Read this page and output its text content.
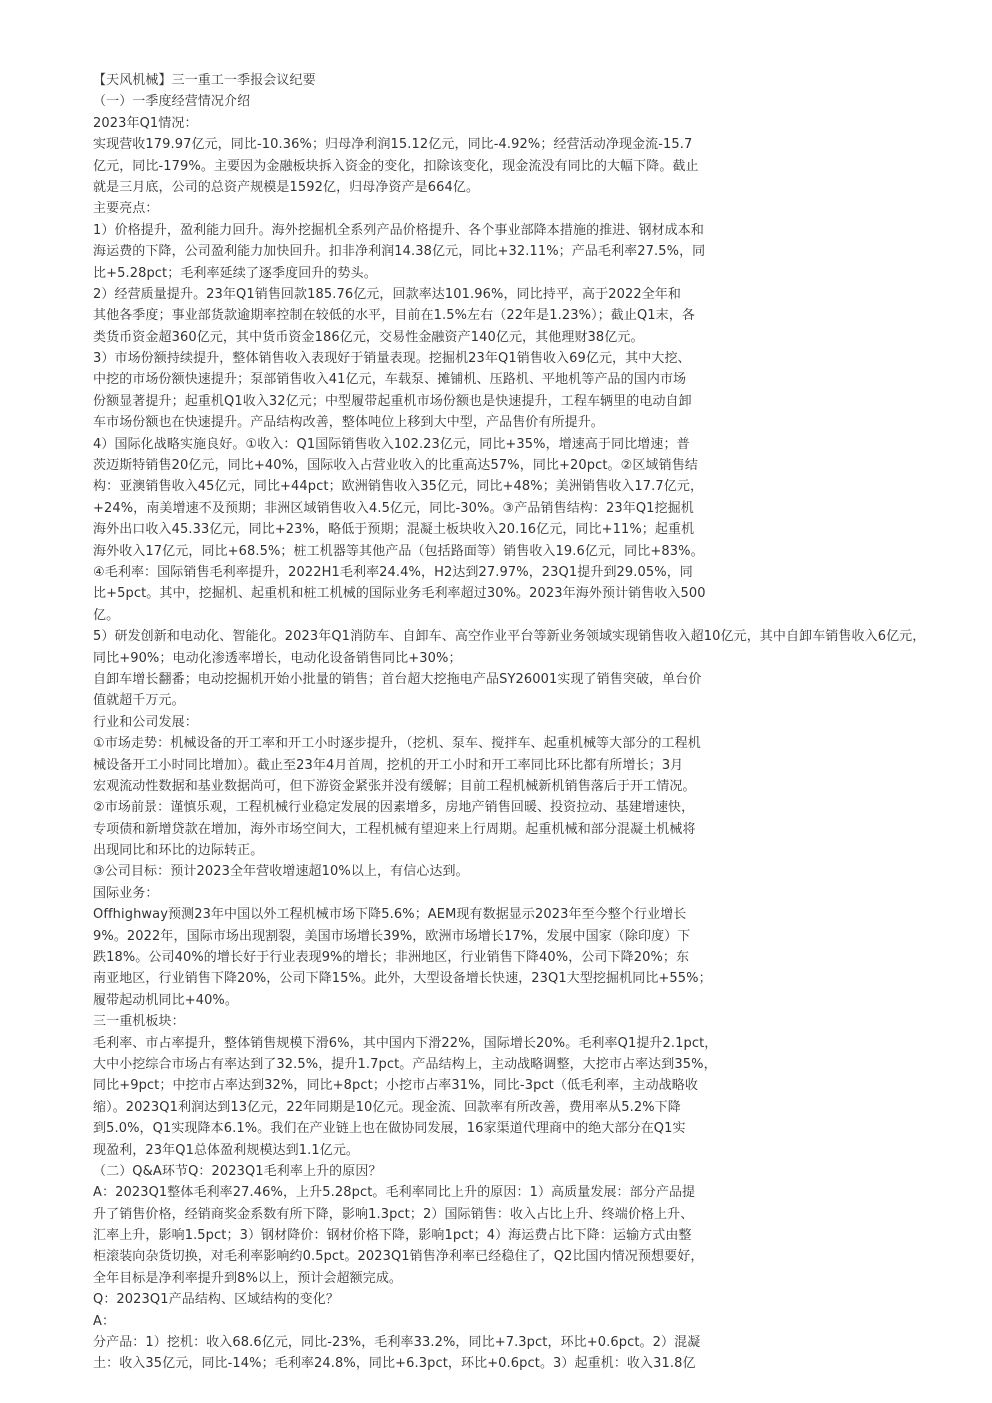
【天风机械】三一重工一季报会议纪要
（一）一季度经营情况介绍
2023年Q1情况：
实现营收179.97亿元，同比-10.36%；归母净利润15.12亿元，同比-4.92%；经营活动净现金流-15.7
亿元，同比-179%。主要因为金融板块拆入资金的变化，扣除该变化，现金流没有同比的大幅下降。截止
就是三月底，公司的总资产规模是1592亿，归母净资产是664亿。
主要亮点：
1）价格提升，盈利能力回升。海外挖掘机全系列产品价格提升、各个事业部降本措施的推进、钢材成本和
海运费的下降，公司盈利能力加快回升。扣非净利润14.38亿元，同比+32.11%；产品毛利率27.5%，同
比+5.28pct；毛利率延续了逐季度回升的势头。
2）经营质量提升。23年Q1销售回款185.76亿元，回款率达101.96%，同比持平，高于2022全年和
其他各季度；事业部货款逾期率控制在较低的水平，目前在1.5%左右（22年是1.23%）；截止Q1末，各
类货币资金超360亿元，其中货币资金186亿元，交易性金融资产140亿元，其他理财38亿元。
3）市场份额持续提升，整体销售收入表现好于销量表现。挖掘机23年Q1销售收入69亿元，其中大挖、
中挖的市场份额快速提升；泵部销售收入41亿元，车载泵、摊铺机、压路机、平地机等产品的国内市场
份额显著提升；起重机Q1收入32亿元；中型履带起重机市场份额也是快速提升，工程车辆里的电动自卸
车市场份额也在快速提升。产品结构改善，整体吨位上移到大中型，产品售价有所提升。
4）国际化战略实施良好。①收入：Q1国际销售收入102.23亿元，同比+35%，增速高于同比增速；普
茨迈斯特销售20亿元，同比+40%，国际收入占营业收入的比重高达57%，同比+20pct。②区域销售结
构：亚澳销售收入45亿元，同比+44pct；欧洲销售收入35亿元，同比+48%；美洲销售收入17.7亿元，
+24%，南美增速不及预期；非洲区域销售收入4.5亿元，同比-30%。③产品销售结构：23年Q1挖掘机
海外出口收入45.33亿元，同比+23%，略低于预期；混凝土板块收入20.16亿元，同比+11%；起重机
海外收入17亿元，同比+68.5%；桩工机器等其他产品（包括路面等）销售收入19.6亿元，同比+83%。
④毛利率：国际销售毛利率提升，2022H1毛利率24.4%，H2达到27.97%，23Q1提升到29.05%，同
比+5pct。其中，挖掘机、起重机和桩工机械的国际业务毛利率超过30%。2023年海外预计销售收入500
亿。
5）研发创新和电动化、智能化。2023年Q1消防车、自卸车、高空作业平台等新业务领域实现销售收入超10亿元，其中自卸车销售收入6亿元，
同比+90%；电动化渗透率增长，电动化设备销售同比+30%；
自卸车增长翻番；电动挖掘机开始小批量的销售；首台超大挖拖电产品SY26001实现了销售突破，单台价
值就超千万元。
行业和公司发展：
①市场走势：机械设备的开工率和开工小时逐步提升，（挖机、泵车、搅拌车、起重机械等大部分的工程机
械设备开工小时同比增加）。截止至23年4月首周，挖机的开工小时和开工率同比环比都有所增长；3月
宏观流动性数据和基业数据尚可，但下游资金紧张并没有缓解；目前工程机械新机销售落后于开工情况。
②市场前景：谨慎乐观，工程机械行业稳定发展的因素增多，房地产销售回暖、投资拉动、基建增速快，
专项债和新增贷款在增加，海外市场空间大，工程机械有望迎来上行周期。起重机械和部分混凝土机械将
出现同比和环比的边际转正。
③公司目标：预计2023全年营收增速超10%以上，有信心达到。
国际业务：
Offhighway预测23年中国以外工程机械市场下降5.6%；AEM现有数据显示2023年至今整个行业增长
9%。2022年，国际市场出现割裂，美国市场增长39%，欧洲市场增长17%，发展中国家（除印度）下
跌18%。公司40%的增长好于行业表现9%的增长；非洲地区，行业销售下降40%，公司下降20%；东
南亚地区，行业销售下降20%，公司下降15%。此外，大型设备增长快速，23Q1大型挖掘机同比+55%；
履带起动机同比+40%。
三一重机板块：
毛利率、市占率提升，整体销售规模下滑6%，其中国内下滑22%，国际增长20%。毛利率Q1提升2.1pct，
大中小挖综合市场占有率达到了32.5%，提升1.7pct。产品结构上，主动战略调整，大挖市占率达到35%，
同比+9pct；中挖市占率达到32%，同比+8pct；小挖市占率31%，同比-3pct（低毛利率，主动战略收
缩）。2023Q1利润达到13亿元，22年同期是10亿元。现金流、回款率有所改善，费用率从5.2%下降
到5.0%，Q1实现降本6.1%。我们在产业链上也在做协同发展，16家渠道代理商中的绝大部分在Q1实
现盈利，23年Q1总体盈利规模达到1.1亿元。
（二）Q&A环节Q：2023Q1毛利率上升的原因？
A：2023Q1整体毛利率27.46%，上升5.28pct。毛利率同比上升的原因：1）高质量发展：部分产品提
升了销售价格，经销商奖金系数有所下降，影响1.3pct；2）国际销售：收入占比上升、终端价格上升、
汇率上升，影响1.5pct；3）钢材降价：钢材价格下降，影响1pct；4）海运费占比下降：运输方式由整
柜滚装向杂货切换，对毛利率影响约0.5pct。2023Q1销售净利率已经稳住了，Q2比国内情况预想要好，
全年目标是净利率提升到8%以上，预计会超额完成。
Q：2023Q1产品结构、区域结构的变化？
A：
分产品：1）挖机：收入68.6亿元，同比-23%，毛利率33.2%，同比+7.3pct，环比+0.6pct。2）混凝
土：收入35亿元，同比-14%；毛利率24.8%，同比+6.3pct，环比+0.6pct。3）起重机：收入31.8亿
